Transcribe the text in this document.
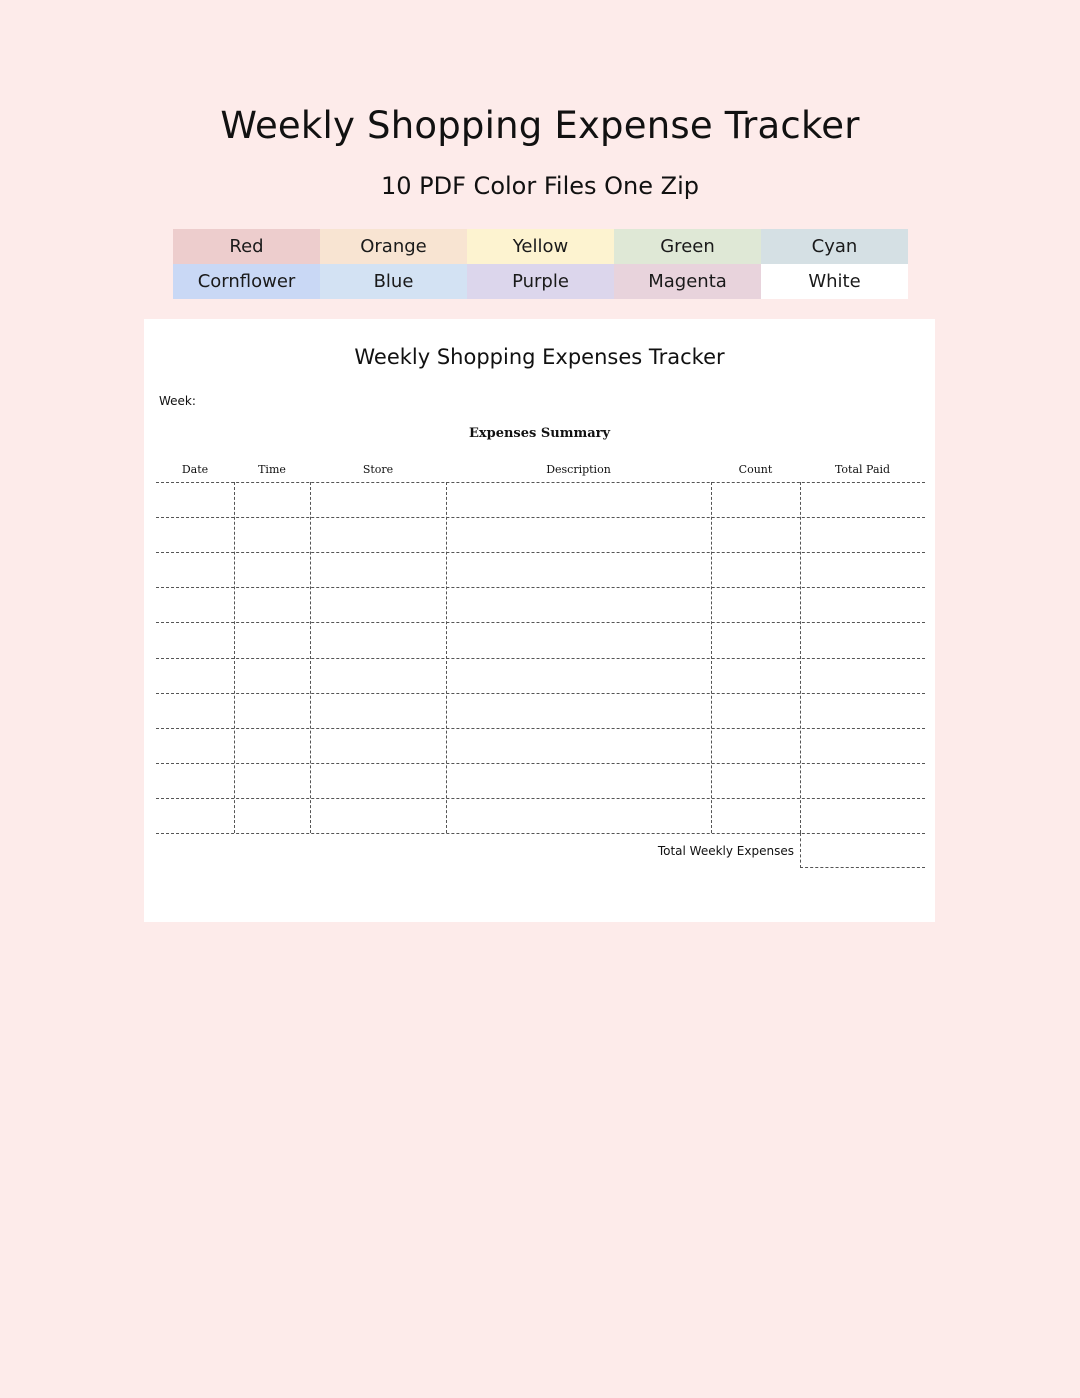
Weekly Shopping Expense Tracker
10 PDF Color Files One Zip
Red	Orange	Yellow	Green	Cyan
Cornflower	Blue	Purple	Magenta	White
Weekly Shopping Expenses Tracker
Week:
Expenses Summary
Date	Time	Store	Description	Count	Total Paid
Total Weekly Expenses
